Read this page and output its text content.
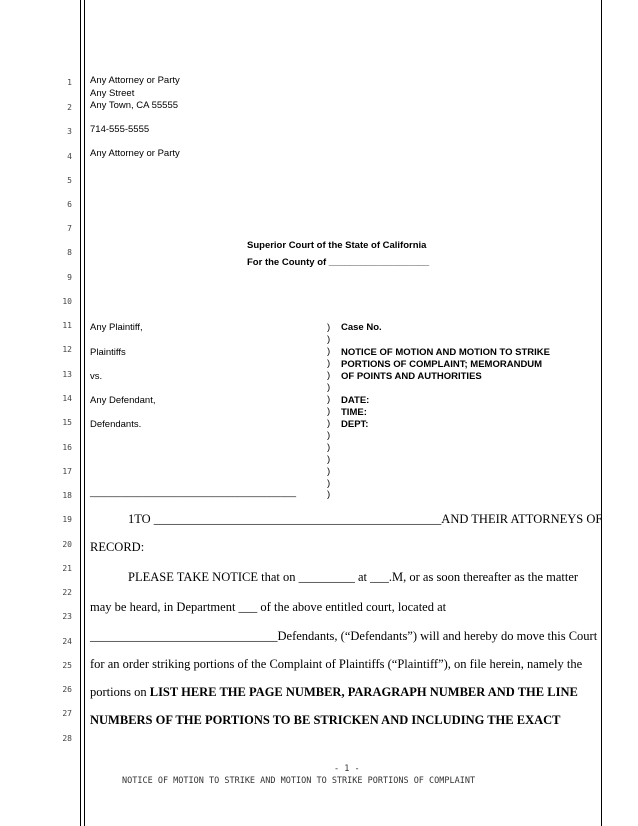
1
2
3
4
5
6
7
8
9
10
11
12
13
14
15
16
17
18
19
20
21
22
23
24
25
26
27
28
Any Attorney or Party
Any Street
Any Town, CA 55555
714-555-5555
Any Attorney or Party
Superior Court of the State of California
For the County of ___________________
Any Plaintiff,
Plaintiffs
vs.
Any Defendant,
Defendants.
_______________________________________
)
)
)
)
)
)
)
)
)
)
)
)
)
)
)
Case No.
NOTICE OF MOTION AND MOTION TO STRIKE
PORTIONS OF COMPLAINT; MEMORANDUM
OF POINTS AND AUTHORITIES
DATE:
TIME:
DEPT:
1TO ______________________________________________AND THEIR ATTORNEYS OF
RECORD:
PLEASE TAKE NOTICE that on _________ at ___.M, or as soon thereafter as the matter
may be heard, in Department ___ of the above entitled court, located at
______________________________Defendants, (“Defendants”) will and hereby do move this Court
for an order striking portions of the Complaint of Plaintiffs (“Plaintiff”), on file herein, namely the
portions on LIST HERE THE PAGE NUMBER, PARAGRAPH NUMBER AND THE LINE
NUMBERS OF THE PORTIONS TO BE STRICKEN AND INCLUDING THE EXACT
- 1 -
NOTICE OF MOTION TO STRIKE AND MOTION TO STRIKE PORTIONS OF COMPLAINT
